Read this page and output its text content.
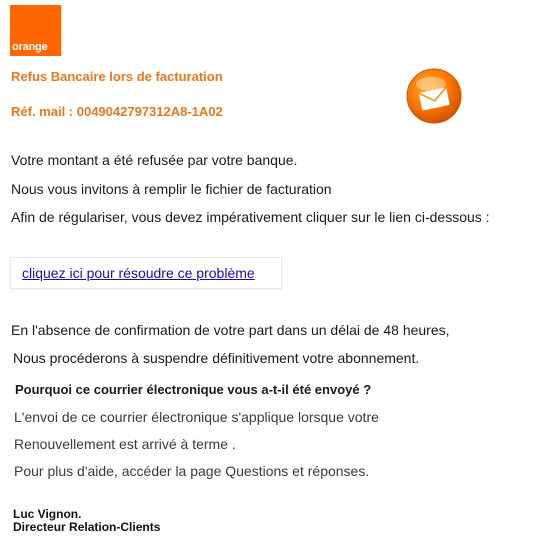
orange
Refus Bancaire lors de facturation
Réf. mail : 0049042797312A8-1A02
Votre montant a été refusée par votre banque.
Nous vous invitons à remplir le fichier de facturation
Afin de régulariser, vous devez impérativement cliquer sur le lien ci-dessous :
cliquez ici pour résoudre ce problème
En l'absence de confirmation de votre part dans un délai de 48 heures,
Nous procéderons à suspendre définitivement votre abonnement.
Pourquoi ce courrier électronique vous a-t-il été envoyé ?
L'envoi de ce courrier électronique s'applique lorsque votre
Renouvellement est arrivé à terme .
Pour plus d'aide, accéder la page Questions et réponses.
Luc Vignon.
Directeur Relation-Clients
